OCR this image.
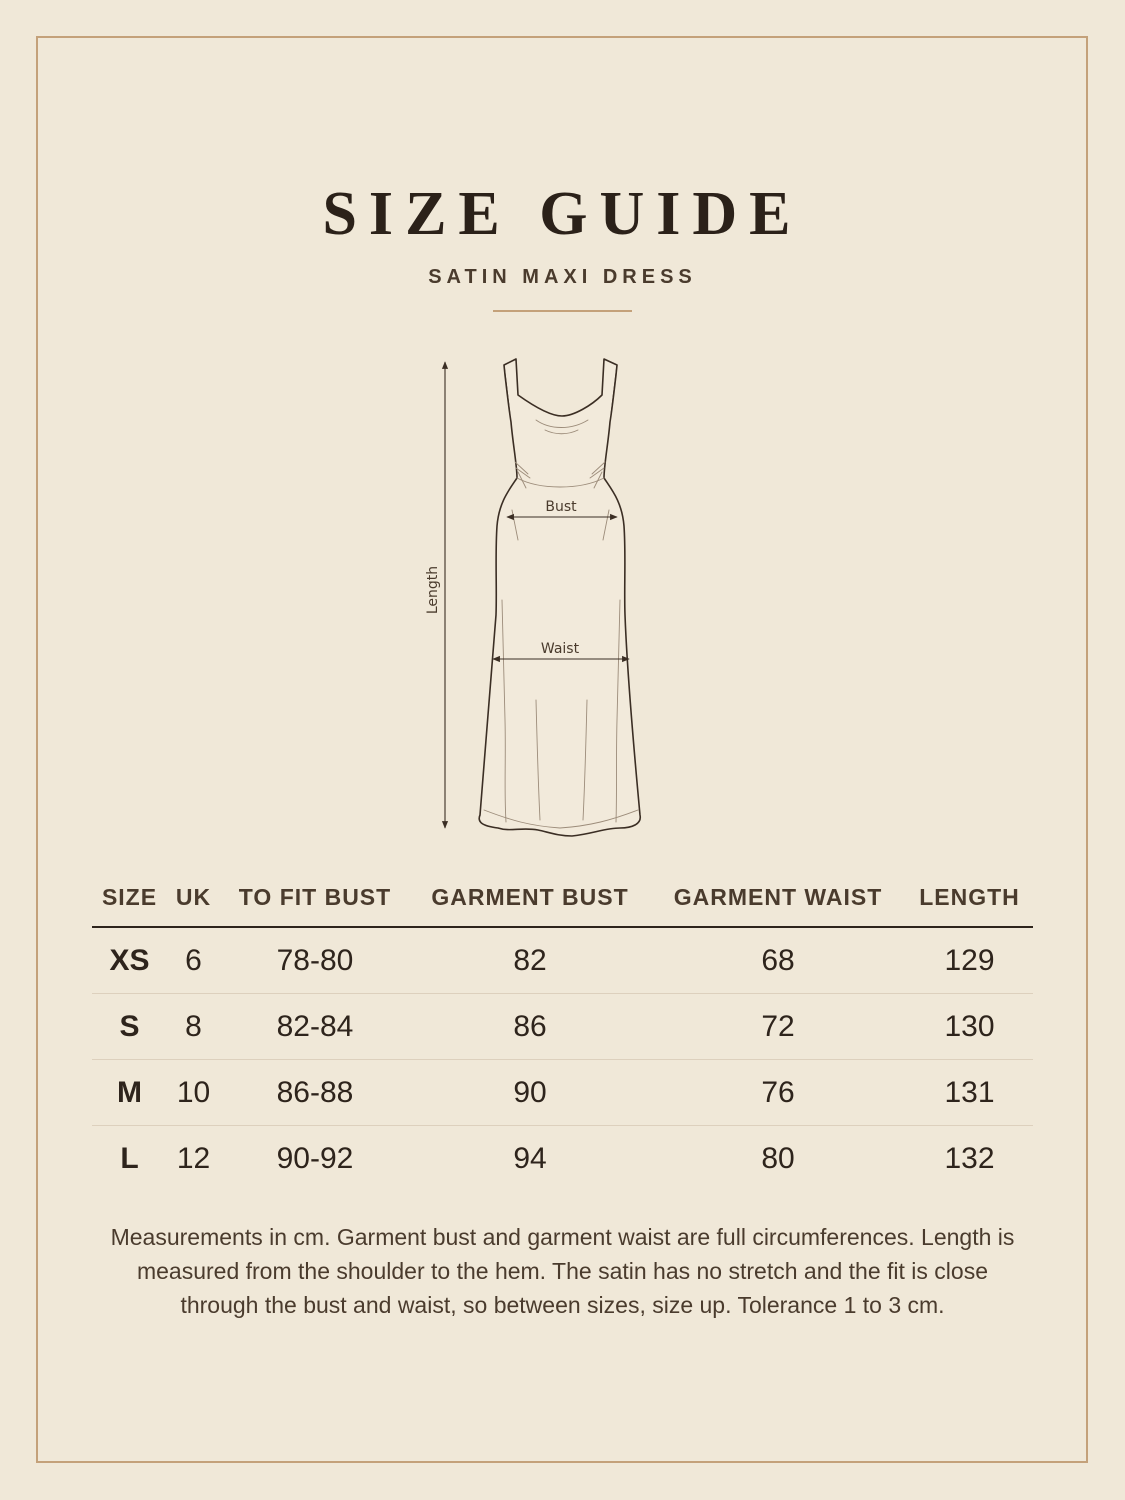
SIZE GUIDE
SATIN MAXI DRESS
Length
Bust
Waist
SIZE	UK	TO FIT BUST	GARMENT BUST	GARMENT WAIST	LENGTH
XS	6	78-80	82	68	129
S	8	82-84	86	72	130
M	10	86-88	90	76	131
L	12	90-92	94	80	132

Measurements in cm. Garment bust and garment waist are full circumferences. Length is measured from the shoulder to the hem. The satin has no stretch and the fit is close through the bust and waist, so between sizes, size up. Tolerance 1 to 3 cm.
